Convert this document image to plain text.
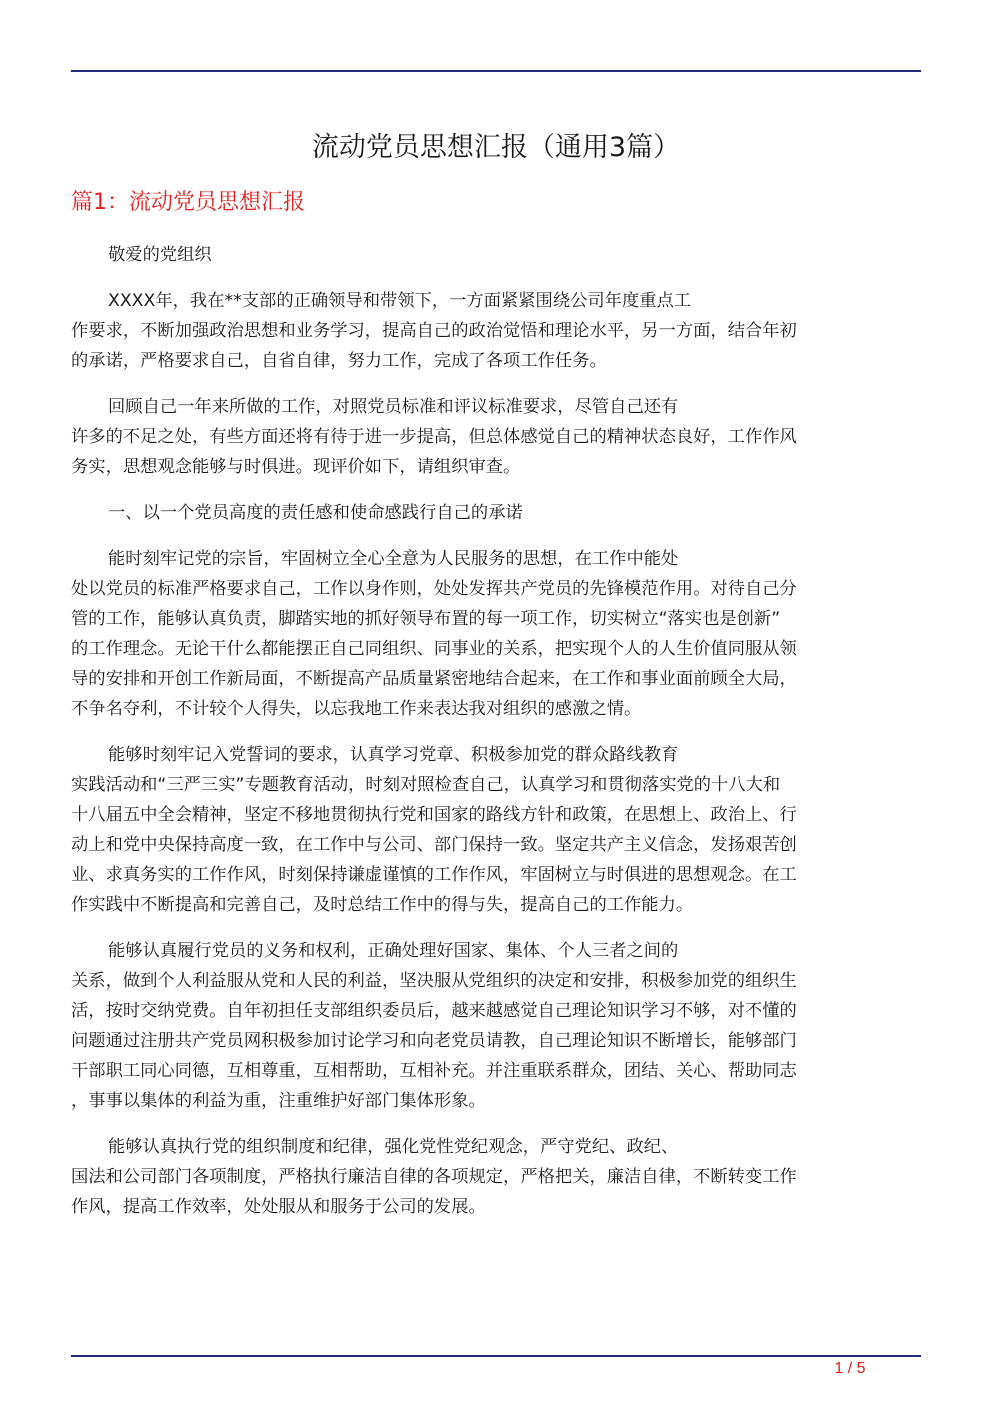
流动党员思想汇报（通用3篇）
篇1：流动党员思想汇报

敬爱的党组织

XXXX年，我在**支部的正确领导和带领下，一方面紧紧围绕公司年度重点工
作要求，不断加强政治思想和业务学习，提高自己的政治觉悟和理论水平，另一方面，结合年初
的承诺，严格要求自己，自省自律，努力工作，完成了各项工作任务。

回顾自己一年来所做的工作，对照党员标准和评议标准要求，尽管自己还有
许多的不足之处，有些方面还将有待于进一步提高，但总体感觉自己的精神状态良好，工作作风
务实，思想观念能够与时俱进。现评价如下，请组织审查。

一、以一个党员高度的责任感和使命感践行自己的承诺

能时刻牢记党的宗旨，牢固树立全心全意为人民服务的思想，在工作中能处
处以党员的标准严格要求自己，工作以身作则，处处发挥共产党员的先锋模范作用。对待自己分
管的工作，能够认真负责，脚踏实地的抓好领导布置的每一项工作，切实树立“落实也是创新”
的工作理念。无论干什么都能摆正自己同组织、同事业的关系，把实现个人的人生价值同服从领
导的安排和开创工作新局面，不断提高产品质量紧密地结合起来，在工作和事业面前顾全大局，
不争名夺利，不计较个人得失，以忘我地工作来表达我对组织的感激之情。

能够时刻牢记入党誓词的要求，认真学习党章、积极参加党的群众路线教育
实践活动和“三严三实”专题教育活动，时刻对照检查自己，认真学习和贯彻落实党的十八大和
十八届五中全会精神，坚定不移地贯彻执行党和国家的路线方针和政策，在思想上、政治上、行
动上和党中央保持高度一致，在工作中与公司、部门保持一致。坚定共产主义信念，发扬艰苦创
业、求真务实的工作作风，时刻保持谦虚谨慎的工作作风，牢固树立与时俱进的思想观念。在工
作实践中不断提高和完善自己，及时总结工作中的得与失，提高自己的工作能力。

能够认真履行党员的义务和权利，正确处理好国家、集体、个人三者之间的
关系，做到个人利益服从党和人民的利益，坚决服从党组织的决定和安排，积极参加党的组织生
活，按时交纳党费。自年初担任支部组织委员后，越来越感觉自己理论知识学习不够，对不懂的
问题通过注册共产党员网积极参加讨论学习和向老党员请教，自己理论知识不断增长，能够部门
干部职工同心同德，互相尊重，互相帮助，互相补充。并注重联系群众，团结、关心、帮助同志
，事事以集体的利益为重，注重维护好部门集体形象。

能够认真执行党的组织制度和纪律，强化党性党纪观念，严守党纪、政纪、
国法和公司部门各项制度，严格执行廉洁自律的各项规定，严格把关，廉洁自律，不断转变工作
作风，提高工作效率，处处服从和服务于公司的发展。

1 / 5
